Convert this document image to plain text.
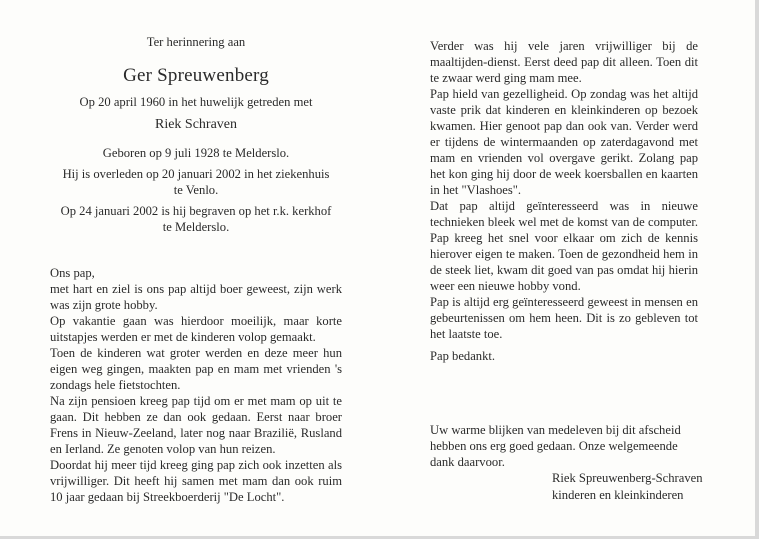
Ter herinnering aan

Ger Spreuwenberg

Op 20 april 1960 in het huwelijk getreden met

Riek Schraven

Geboren op 9 juli 1928 te Melderslo.

Hij is overleden op 20 januari 2002 in het ziekenhuis

te Venlo.

Op 24 januari 2002 is hij begraven op het r.k. kerkhof

te Melderslo.

Ons pap,

met hart en ziel is ons pap altijd boer geweest, zijn werk was zijn grote hobby.

Op vakantie gaan was hierdoor moeilijk, maar korte uitstapjes werden er met de kinderen volop gemaakt.

Toen de kinderen wat groter werden en deze meer hun eigen weg gingen, maakten pap en mam met vrienden 's zondags hele fietstochten.

Na zijn pensioen kreeg pap tijd om er met mam op uit te gaan. Dit hebben ze dan ook gedaan. Eerst naar broer Frens in Nieuw-Zeeland, later nog naar Brazilië, Rusland en Ierland. Ze genoten volop van hun reizen.

Doordat hij meer tijd kreeg ging pap zich ook inzetten als vrijwilliger. Dit heeft hij samen met mam dan ook ruim 10 jaar gedaan bij Streekboerderij "De Locht".

Verder was hij vele jaren vrijwilliger bij de maaltijden-dienst. Eerst deed pap dit alleen. Toen dit te zwaar werd ging mam mee.

Pap hield van gezelligheid. Op zondag was het altijd vaste prik dat kinderen en kleinkinderen op bezoek kwamen. Hier genoot pap dan ook van. Verder werd er tijdens de wintermaanden op zaterdagavond met mam en vrienden vol overgave gerikt. Zolang pap het kon ging hij door de week koersballen en kaarten in het "Vlashoes".

Dat pap altijd geïnteresseerd was in nieuwe technieken bleek wel met de komst van de computer. Pap kreeg het snel voor elkaar om zich de kennis hierover eigen te maken. Toen de gezondheid hem in de steek liet, kwam dit goed van pas omdat hij hierin weer een nieuwe hobby vond.

Pap is altijd erg geïnteresseerd geweest in mensen en gebeurtenissen om hem heen. Dit is zo gebleven tot het laatste toe.

Pap bedankt.

Uw warme blijken van medeleven bij dit afscheid hebben ons erg goed gedaan. Onze welgemeende dank daarvoor.

Riek Spreuwenberg-Schraven

kinderen en kleinkinderen
